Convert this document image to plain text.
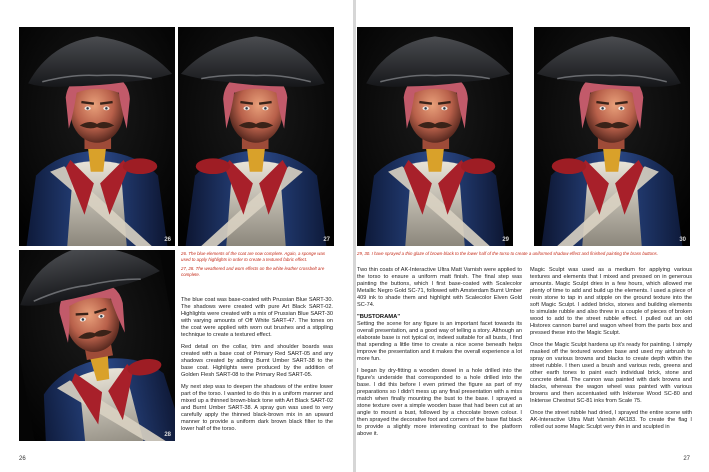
26	27
28

26. The blue elements of the coat are now complete. Again, a sponge was used to apply highlights in order to create a textured fabric effect.

27, 28. The weathered and worn effects on the white leather crossbelt are complete.

The blue coat was base-coated with Prussian Blue SART-30. The shadows were created with pure Art Black SART-02. Highlights were created with a mix of Prussian Blue SART-30 with varying amounts of Off White SART-47. The tones on the coat were applied with worn out brushes and a stippling technique to create a textured effect.

Red detail on the collar, trim and shoulder boards was created with a base coat of Primary Red SART-05 and any shadows created by adding Burnt Umber SART-38 to the base coat. Highlights were produced by the addition of Golden Flesh SART-08 to the Primary Red SART-05.

My next step was to deepen the shadows of the entire lower part of the torso. I wanted to do this in a uniform manner and mixed up a thinned brown-black tone with Art Black SART-02 and Burnt Umber SART-38. A spray gun was used to very carefully apply the thinned black-brown mix in an upward manner to provide a uniform dark brown black filter to the lower half of the torso.

26
29	30
29, 30. I have sprayed a thin glaze of brown-black to the lower half of the torso to create a uniformed shadow effect and finished painting the brass buttons.

Two thin coats of AK-Interactive Ultra Matt Varnish were applied to the torso to ensure a uniform matt finish. The final step was painting the buttons, which I first base-coated with Scalecolor Metallic Negro Gold SC-71, followed with Amsterdam Burnt Umber 409 ink to shade them and highlight with Scalecolor Elven Gold SC-74.

"BUSTORAMA"

Setting the scene for any figure is an important facet towards its overall presentation, and a good way of telling a story. Although an elaborate base is not typical or, indeed suitable for all busts, I find that spending a little time to create a nice scene beneath helps improve the presentation and it makes the overall experience a lot more fun.

I began by dry-fitting a wooden dowel in a hole drilled into the figure's underside that corresponded to a hole drilled into the base. I did this before I even primed the figure as part of my preparations so I didn't mess up any final presentation with a miss match when finally mounting the bust to the base. I sprayed a stone texture over a simple wooden base that had been cut at an angle to mount a bust, followed by a chocolate brown colour. I then sprayed the decorative foot and corners of the base flat black to provide a slightly more interesting contrast to the platform above it.

Magic Sculpt was used as a medium for applying various textures and elements that I mixed and pressed on in generous amounts. Magic Sculpt dries in a few hours, which allowed me plenty of time to add and build up the elements. I used a piece of resin stone to tap in and stipple on the ground texture into the soft Magic Sculpt. I added bricks, stones and building elements to simulate rubble and also threw in a couple of pieces of broken wood to add to the street rubble effect. I pulled out an old Historex cannon barrel and wagon wheel from the parts box and pressed these into the Magic Sculpt.

Once the Magic Sculpt hardens up it's ready for painting. I simply masked off the textured wooden base and used my airbrush to spray on various browns and blacks to create depth within the street rubble. I then used a brush and various reds, greens and other earth tones to paint each individual brick, stone and concrete detail. The cannon was painted with dark browns and blacks, whereas the wagon wheel was painted with various browns and then accentuated with Inktense Wood SC-80 and Inktense Chestnut SC-81 inks from Scale 75.

Once the street rubble had dried, I sprayed the entire scene with AK-Interactive Ultra Matt Varnish AK183. To create the flag I rolled out some Magic Sculpt very thin in and sculpted in

27
